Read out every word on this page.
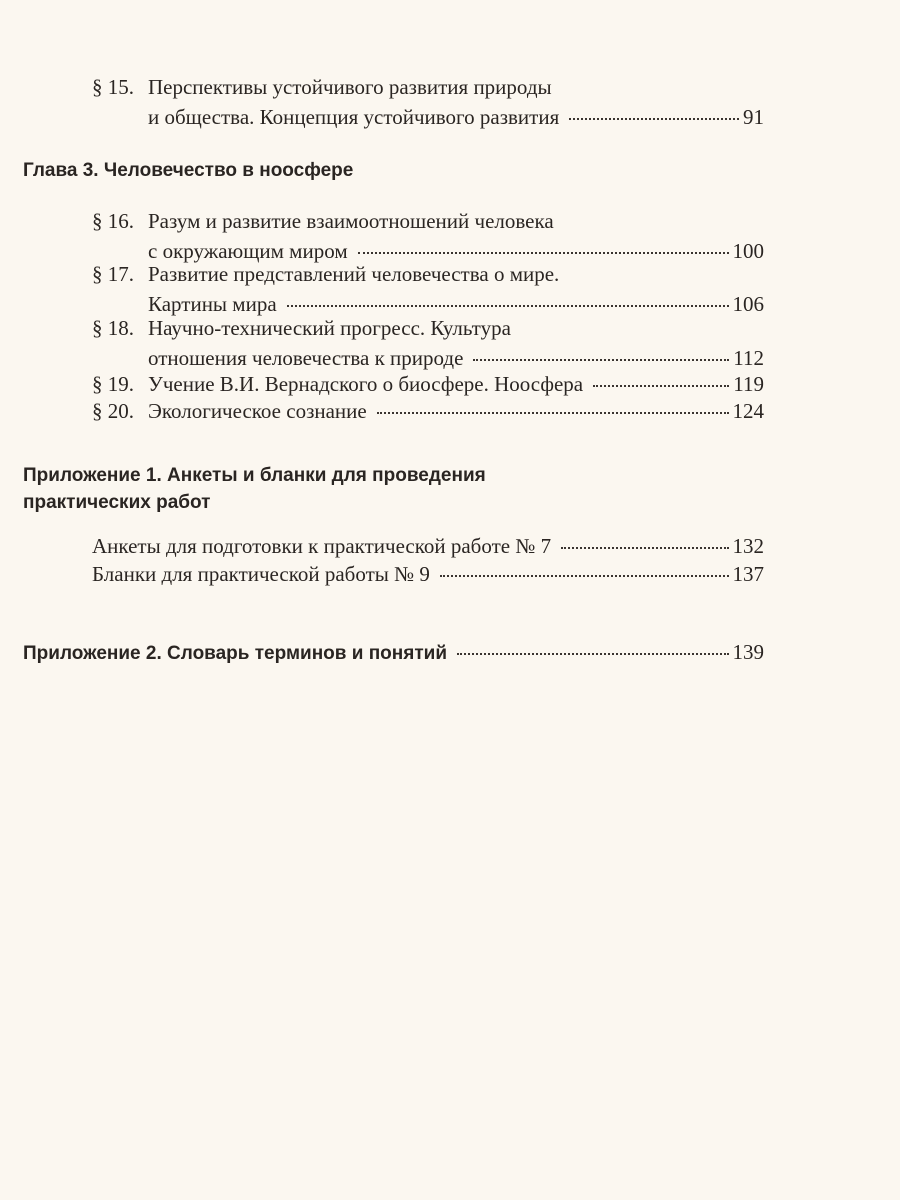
§ 15. Перспективы устойчивого развития природы
и общества. Концепция устойчивого развития	91
Глава 3. Человечество в ноосфере
§ 16. Разум и развитие взаимоотношений человека
с окружающим миром	100
§ 17. Развитие представлений человечества о мире.
Картины мира	106
§ 18. Научно-технический прогресс. Культура
отношения человечества к природе	112
§ 19. Учение В.И. Вернадского о биосфере. Ноосфера	119
§ 20. Экологическое сознание	124
Приложение 1. Анкеты и бланки для проведения
практических работ
Анкеты для подготовки к практической работе № 7	132
Бланки для практической работы № 9	137
Приложение 2. Словарь терминов и понятий	139
